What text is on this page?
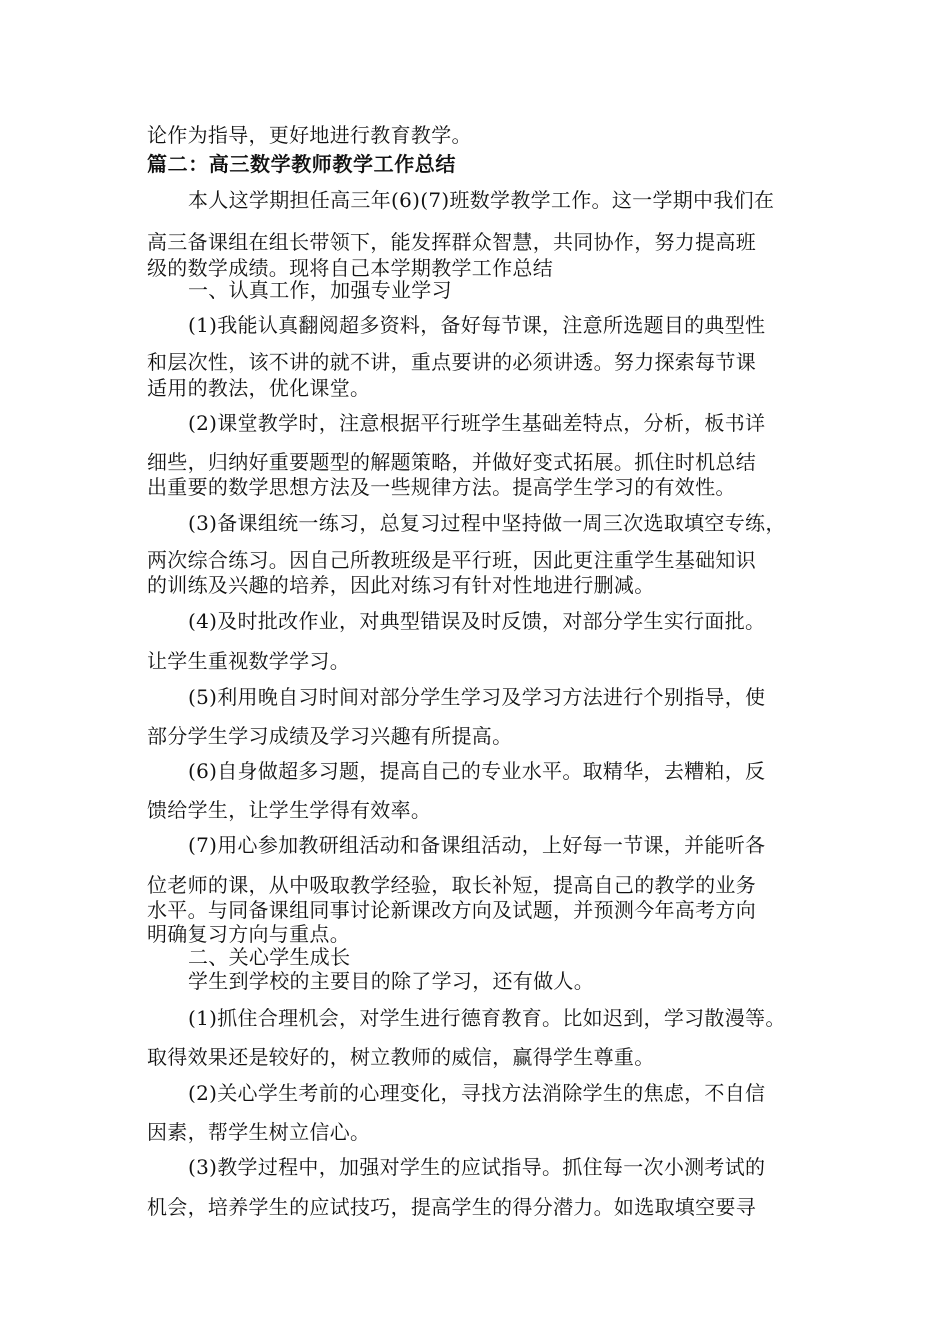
论作为指导，更好地进行教育教学。
篇二：高三数学教师教学工作总结
本人这学期担任高三年(6)(7)班数学教学工作。这一学期中我们在
高三备课组在组长带领下，能发挥群众智慧，共同协作，努力提高班
级的数学成绩。现将自己本学期教学工作总结
一、认真工作，加强专业学习
(1)我能认真翻阅超多资料，备好每节课，注意所选题目的典型性
和层次性，该不讲的就不讲，重点要讲的必须讲透。努力探索每节课
适用的教法，优化课堂。
(2)课堂教学时，注意根据平行班学生基础差特点，分析，板书详
细些，归纳好重要题型的解题策略，并做好变式拓展。抓住时机总结
出重要的数学思想方法及一些规律方法。提高学生学习的有效性。
(3)备课组统一练习，总复习过程中坚持做一周三次选取填空专练，
两次综合练习。因自己所教班级是平行班，因此更注重学生基础知识
的训练及兴趣的培养，因此对练习有针对性地进行删减。
(4)及时批改作业，对典型错误及时反馈，对部分学生实行面批。
让学生重视数学学习。
(5)利用晚自习时间对部分学生学习及学习方法进行个别指导，使
部分学生学习成绩及学习兴趣有所提高。
(6)自身做超多习题，提高自己的专业水平。取精华，去糟粕，反
馈给学生，让学生学得有效率。
(7)用心参加教研组活动和备课组活动，上好每一节课，并能听各
位老师的课，从中吸取教学经验，取长补短，提高自己的教学的业务
水平。与同备课组同事讨论新课改方向及试题，并预测今年高考方向
明确复习方向与重点。
二、关心学生成长
学生到学校的主要目的除了学习，还有做人。
(1)抓住合理机会，对学生进行德育教育。比如迟到，学习散漫等。
取得效果还是较好的，树立教师的威信，赢得学生尊重。
(2)关心学生考前的心理变化，寻找方法消除学生的焦虑，不自信
因素，帮学生树立信心。
(3)教学过程中，加强对学生的应试指导。抓住每一次小测考试的
机会，培养学生的应试技巧，提高学生的得分潜力。如选取填空要寻
